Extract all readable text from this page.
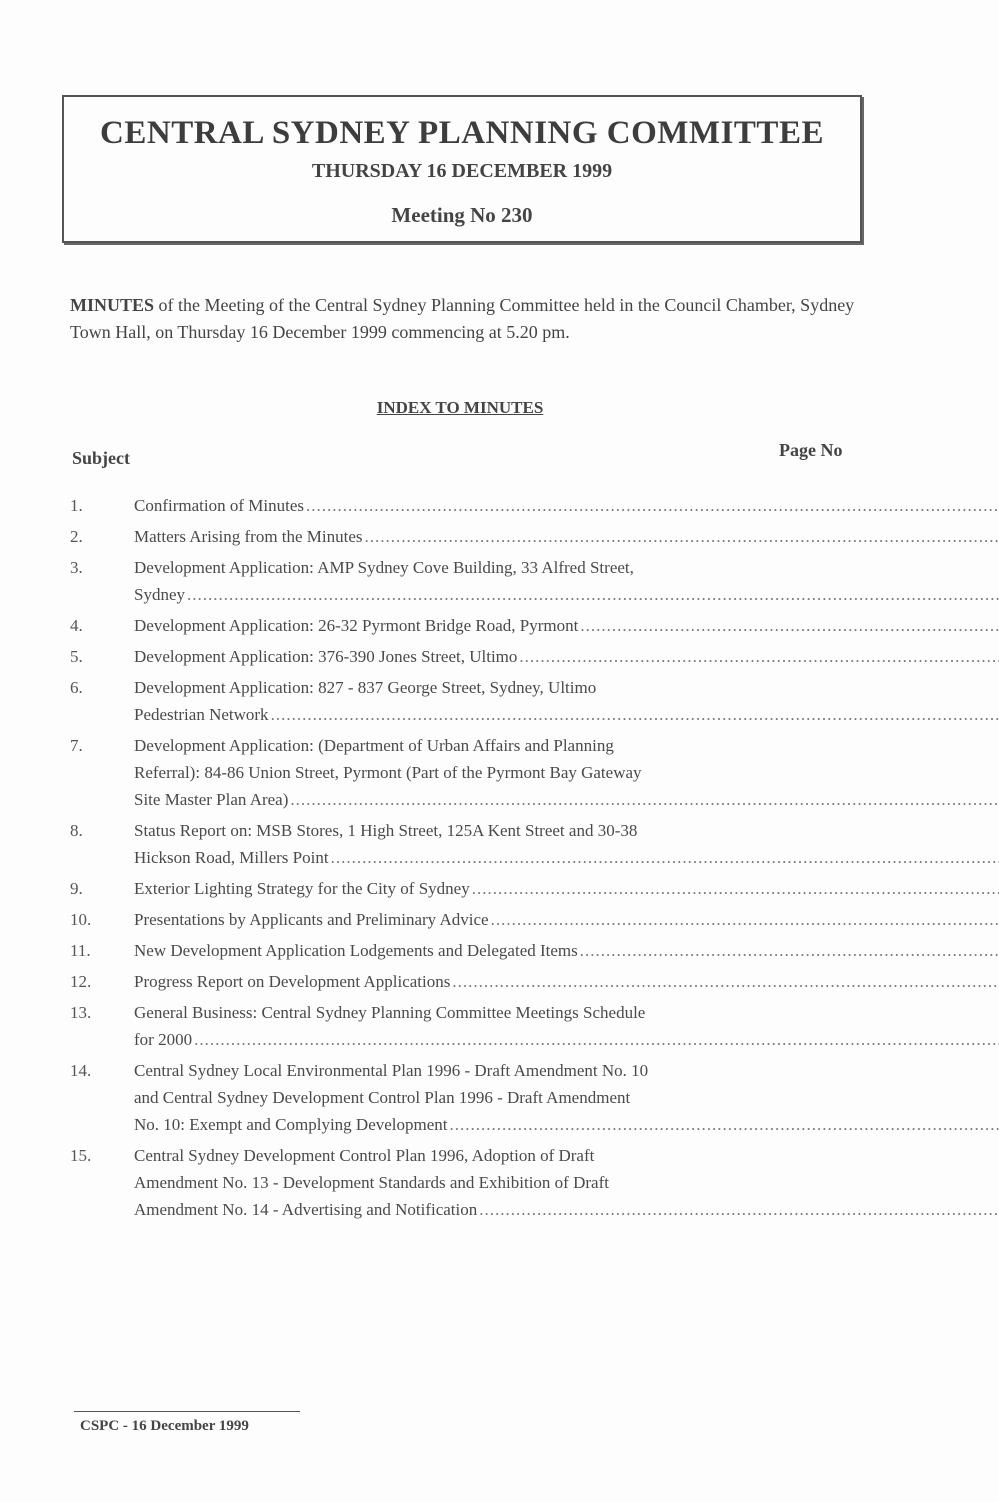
CENTRAL SYDNEY PLANNING COMMITTEE
THURSDAY 16 DECEMBER 1999
Meeting No 230
MINUTES of the Meeting of the Central Sydney Planning Committee held in the Council Chamber, Sydney Town Hall, on Thursday 16 December 1999 commencing at 5.20 pm.
INDEX TO MINUTES
Subject	Page No
1.	Confirmation of Minutes
.....
2.	Matters Arising from the Minutes
.....
3.	Development Application: AMP Sydney Cove Building, 33 Alfred Street,
Sydney
.....
4.	Development Application: 26-32 Pyrmont Bridge Road, Pyrmont
.....
5.	Development Application: 376-390 Jones Street, Ultimo
.....
6.	Development Application: 827 - 837 George Street, Sydney, Ultimo
Pedestrian Network
.....
7.	Development Application: (Department of Urban Affairs and Planning
Referral): 84-86 Union Street, Pyrmont (Part of the Pyrmont Bay Gateway
Site Master Plan Area)
.....
8.	Status Report on: MSB Stores, 1 High Street, 125A Kent Street and 30-38
Hickson Road, Millers Point
.....
9.	Exterior Lighting Strategy for the City of Sydney
.....
10.	Presentations by Applicants and Preliminary Advice
.....
11.	New Development Application Lodgements and Delegated Items
.....
12.	Progress Report on Development Applications
.....
13.	General Business: Central Sydney Planning Committee Meetings Schedule
for 2000
.....
14.	Central Sydney Local Environmental Plan 1996 - Draft Amendment No. 10
and Central Sydney Development Control Plan 1996 - Draft Amendment
No. 10: Exempt and Complying Development
.....
15.	Central Sydney Development Control Plan 1996, Adoption of Draft
Amendment No. 13 - Development Standards and Exhibition of Draft
Amendment No. 14 - Advertising and Notification
.....
CSPC - 16 December 1999
